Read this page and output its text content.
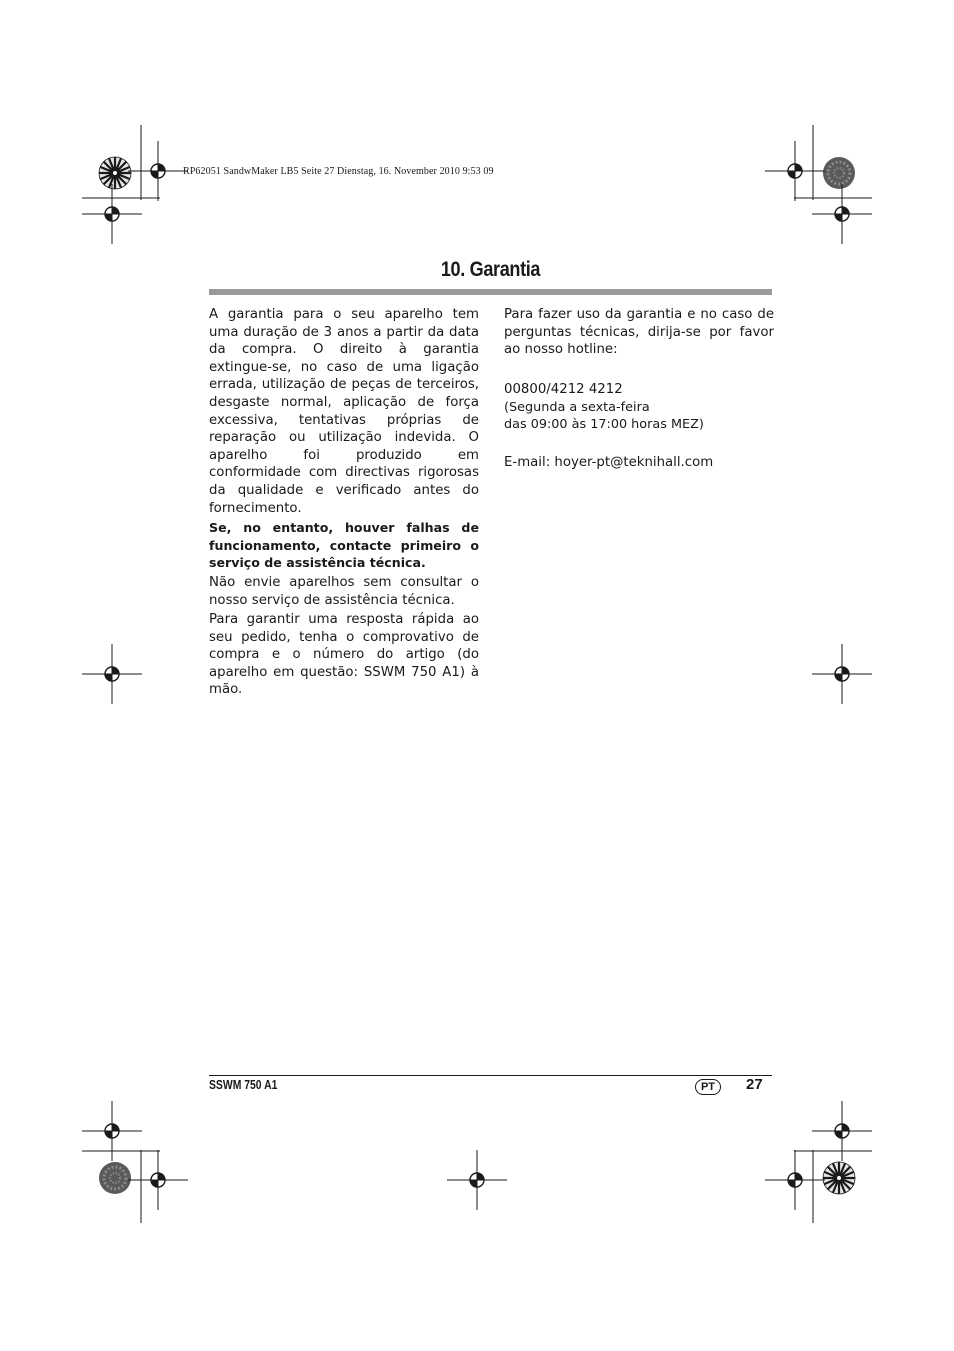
RP62051 SandwMaker LB5 Seite 27 Dienstag, 16. November 2010 9:53 09
10. Garantia

A garantia para o seu aparelho tem uma duração de 3 anos a partir da data da compra. O direito à garantia extingue-se, no caso de uma ligação errada, utilização de peças de terceiros, desgaste normal, aplicação de força excessiva, tentativas próprias de reparação ou utilização indevida. O aparelho foi produzido em conformidade com directivas rigorosas da qualidade e verificado antes do fornecimento.

Se, no entanto, houver falhas de funcionamento, contacte primeiro o serviço de assistência técnica.

Não envie aparelhos sem consultar o nosso serviço de assistência técnica.

Para garantir uma resposta rápida ao seu pedido, tenha o comprovativo de compra e o número do artigo (do aparelho em questão: SSWM 750 A1) à mão.

Para fazer uso da garantia e no caso de perguntas técnicas, dirija-se por favor ao nosso hotline:

00800/4212 4212

(Segunda a sexta-feira
das 09:00 às 17:00 horas MEZ)

E-mail: hoyer-pt@teknihall.com

SSWM 750 A1	PT	27
